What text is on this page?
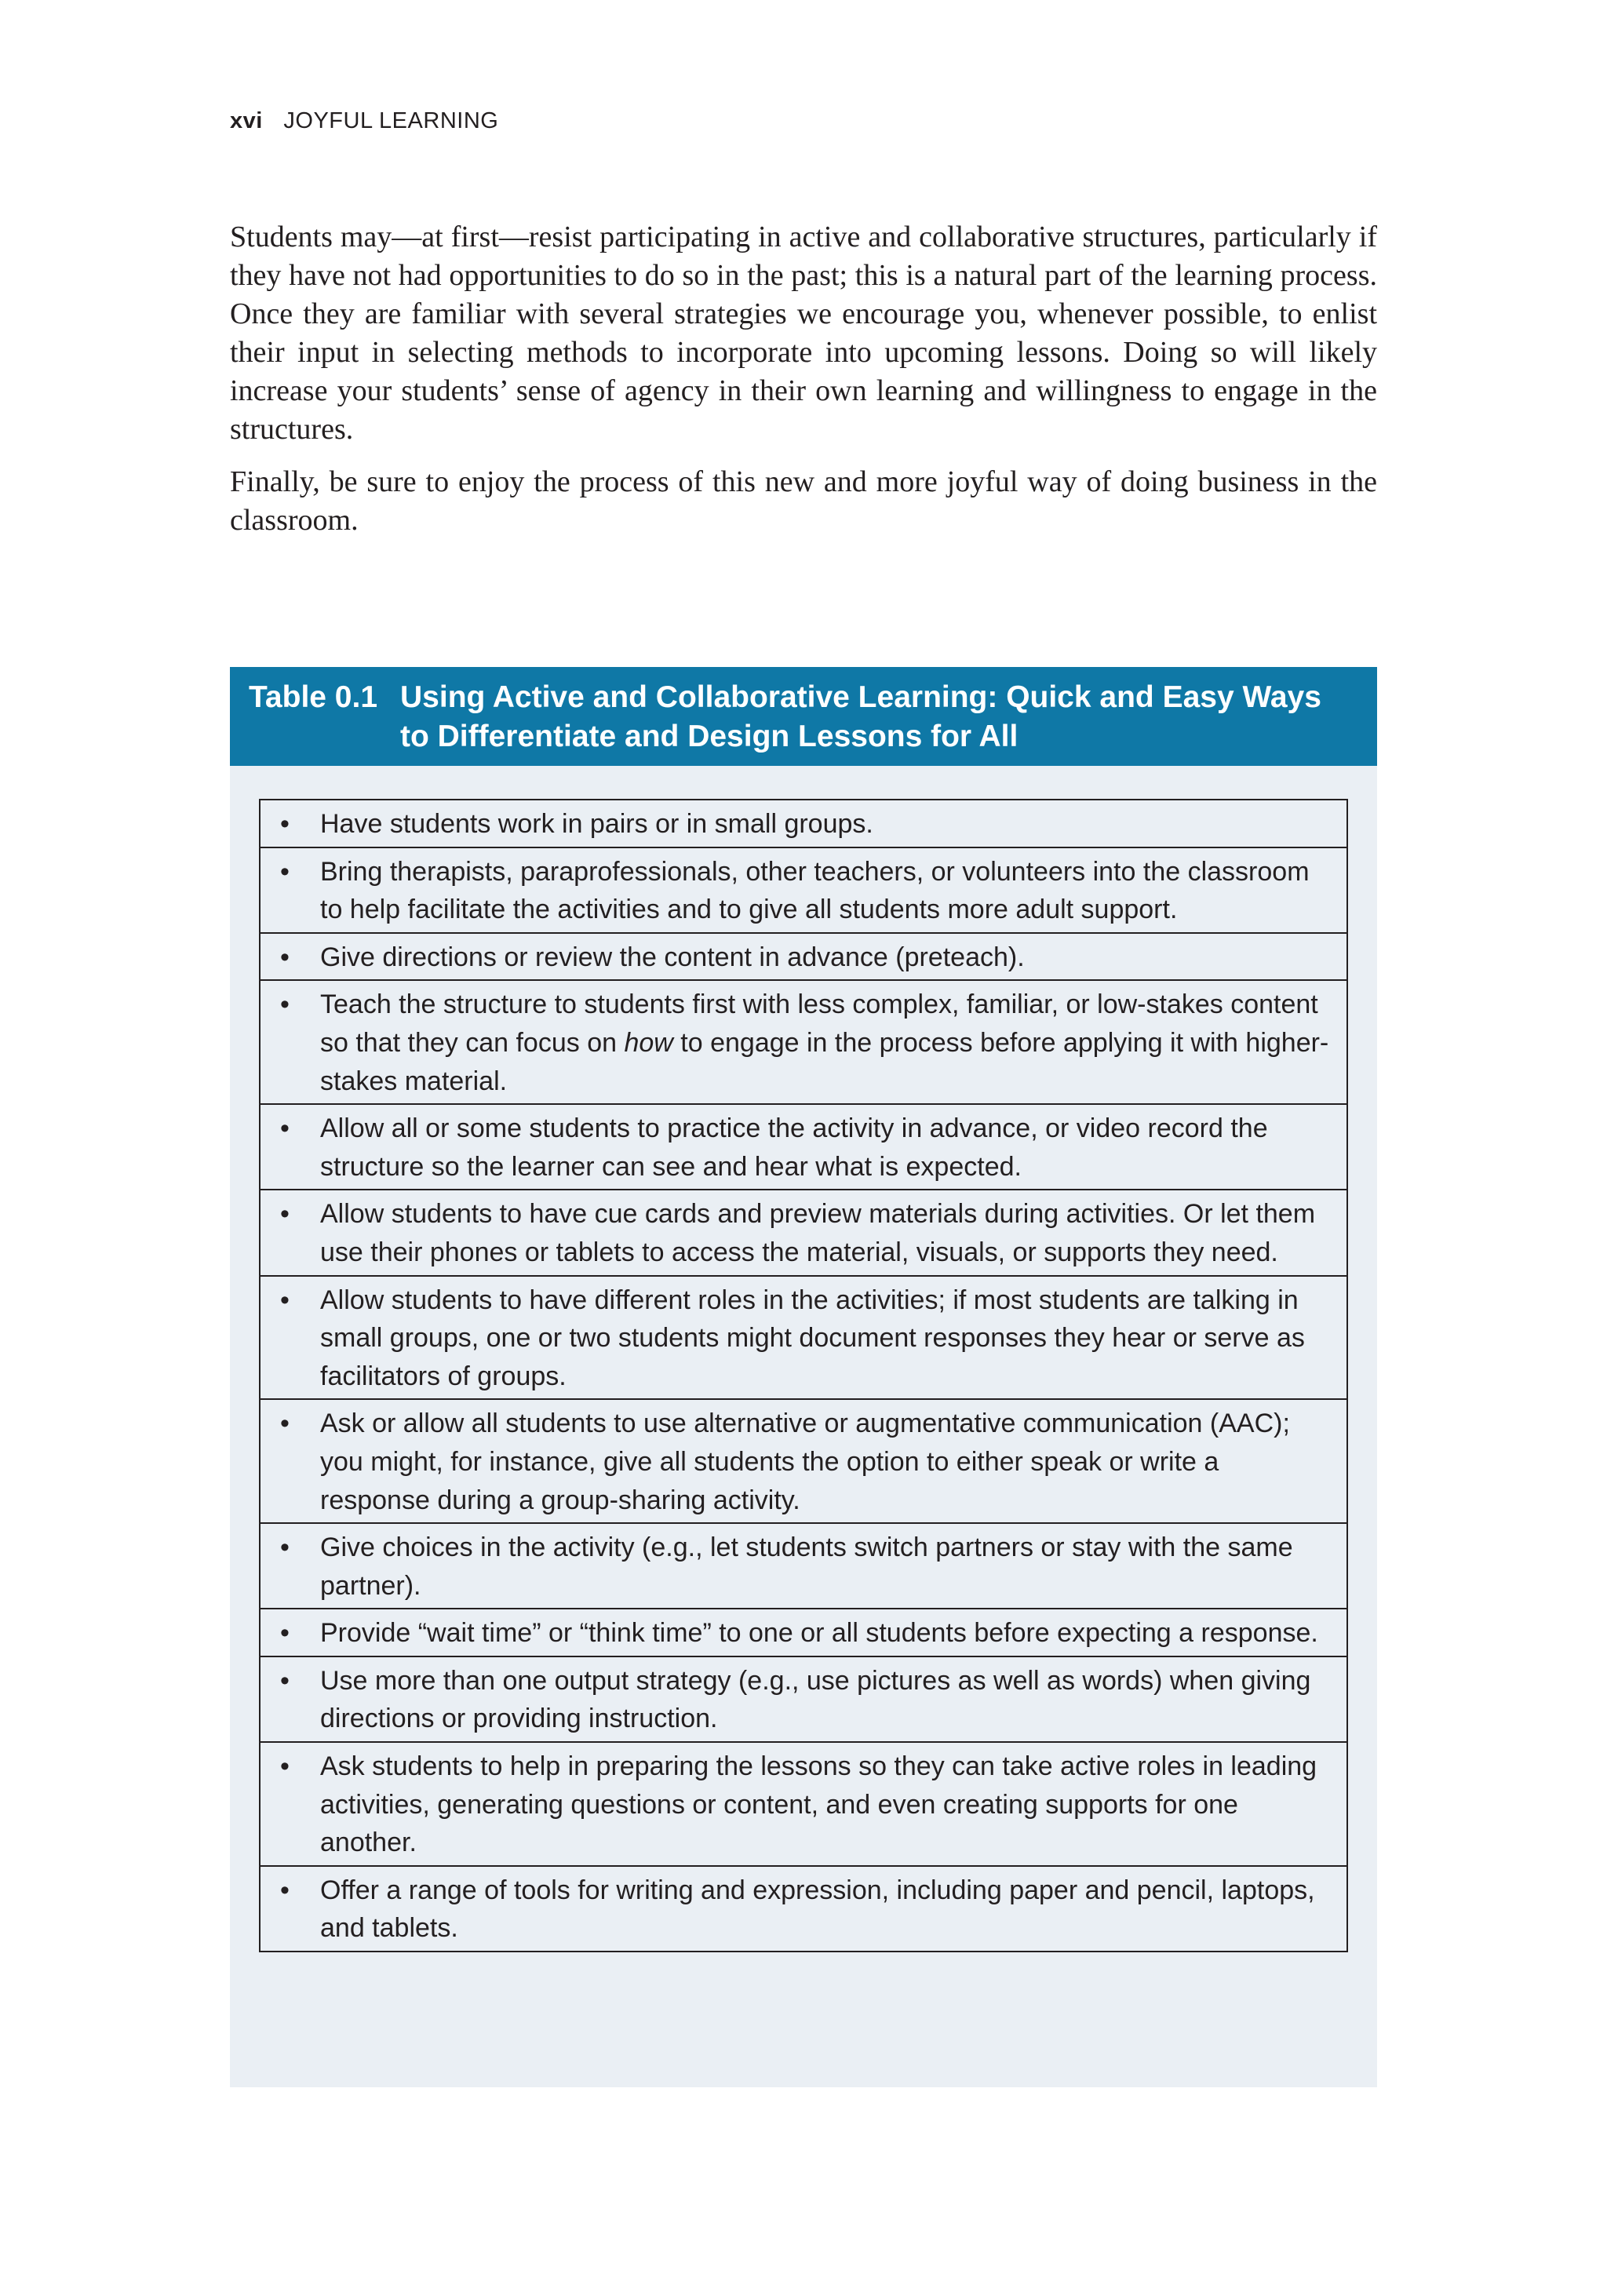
xvi JOYFUL LEARNING

Students may—at first—resist participating in active and collaborative structures, particularly if they have not had opportunities to do so in the past; this is a natural part of the learning process. Once they are familiar with several strategies we encourage you, whenever possible, to enlist their input in selecting methods to incorporate into upcoming lessons. Doing so will likely increase your students’ sense of agency in their own learning and willingness to engage in the structures.

Finally, be sure to enjoy the process of this new and more joyful way of doing business in the classroom.

Table 0.1 Using Active and Collaborative Learning: Quick and Easy Ways to Differentiate and Design Lessons for All
• Have students work in pairs or in small groups.
• Bring therapists, paraprofessionals, other teachers, or volunteers into the classroom to help facilitate the activities and to give all students more adult support.
• Give directions or review the content in advance (preteach).
• Teach the structure to students first with less complex, familiar, or low-stakes content so that they can focus on how to engage in the process before applying it with higher-stakes material.
• Allow all or some students to practice the activity in advance, or video record the structure so the learner can see and hear what is expected.
• Allow students to have cue cards and preview materials during activities. Or let them use their phones or tablets to access the material, visuals, or supports they need.
• Allow students to have different roles in the activities; if most students are talking in small groups, one or two students might document responses they hear or serve as facilitators of groups.
• Ask or allow all students to use alternative or augmentative communication (AAC); you might, for instance, give all students the option to either speak or write a response during a group-sharing activity.
• Give choices in the activity (e.g., let students switch partners or stay with the same partner).
• Provide “wait time” or “think time” to one or all students before expecting a response.
• Use more than one output strategy (e.g., use pictures as well as words) when giving directions or providing instruction.
• Ask students to help in preparing the lessons so they can take active roles in leading activities, generating questions or content, and even creating supports for one another.
• Offer a range of tools for writing and expression, including paper and pencil, laptops, and tablets.
